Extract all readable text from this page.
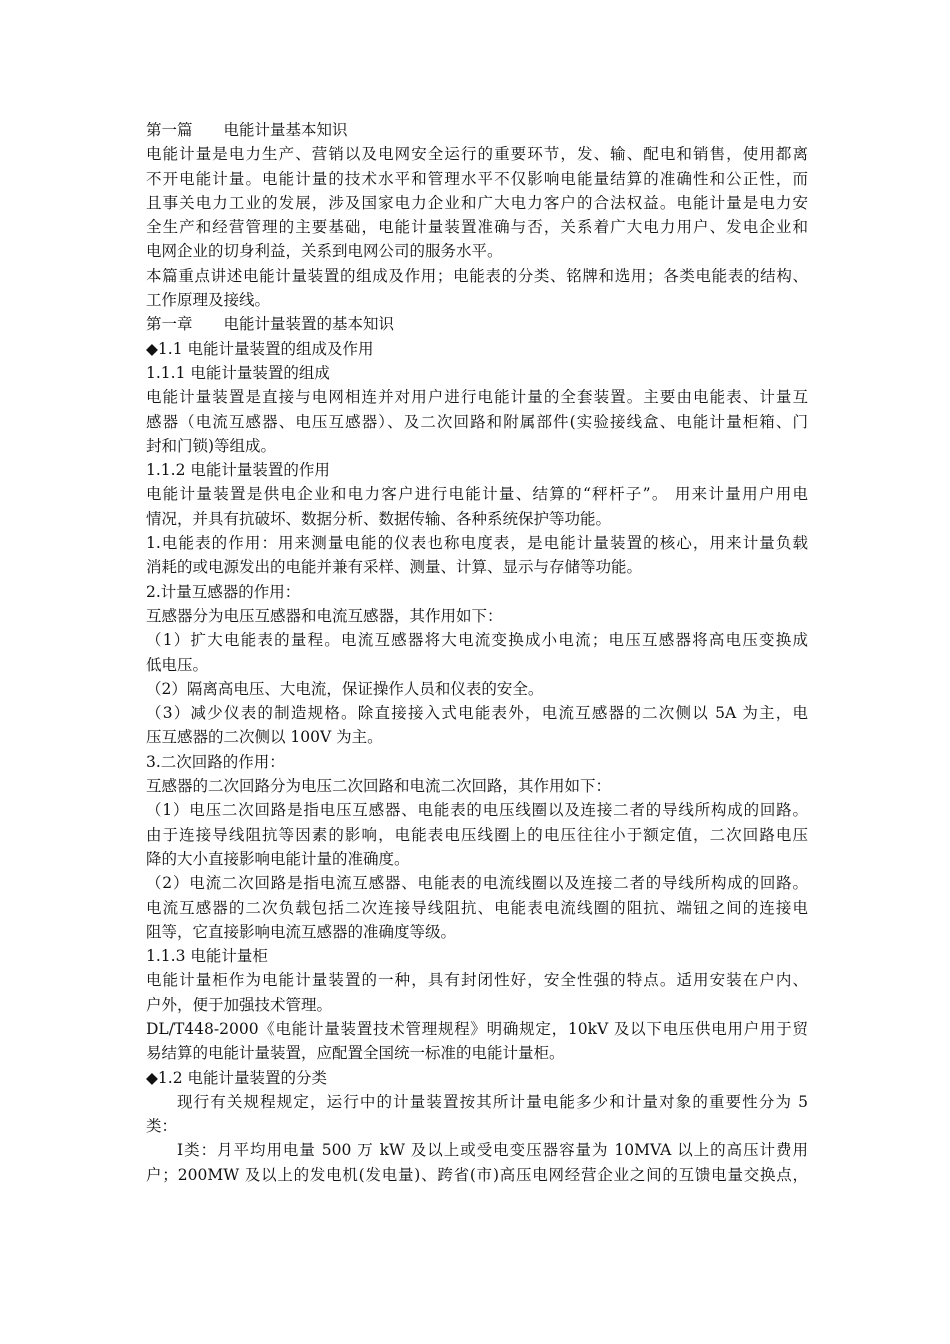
第一篇　　电能计量基本知识
电能计量是电力生产、营销以及电网安全运行的重要环节，发、输、配电和销售，使用都离
不开电能计量。电能计量的技术水平和管理水平不仅影响电能量结算的准确性和公正性，而
且事关电力工业的发展，涉及国家电力企业和广大电力客户的合法权益。电能计量是电力安
全生产和经营管理的主要基础，电能计量装置准确与否，关系着广大电力用户、发电企业和
电网企业的切身利益，关系到电网公司的服务水平。
本篇重点讲述电能计量装置的组成及作用；电能表的分类、铭牌和选用；各类电能表的结构、
工作原理及接线。
第一章　　电能计量装置的基本知识
◆1.1 电能计量装置的组成及作用
1.1.1 电能计量装置的组成
电能计量装置是直接与电网相连并对用户进行电能计量的全套装置。主要由电能表、计量互
感器（电流互感器、电压互感器）、及二次回路和附属部件(实验接线盒、电能计量柜箱、门
封和门锁)等组成。
1.1.2 电能计量装置的作用
电能计量装置是供电企业和电力客户进行电能计量、结算的“秤杆子”。 用来计量用户用电
情况，并具有抗破坏、数据分析、数据传输、各种系统保护等功能。
1.电能表的作用：用来测量电能的仪表也称电度表，是电能计量装置的核心，用来计量负载
消耗的或电源发出的电能并兼有采样、测量、计算、显示与存储等功能。
2.计量互感器的作用：
互感器分为电压互感器和电流互感器，其作用如下：
（1）扩大电能表的量程。电流互感器将大电流变换成小电流；电压互感器将高电压变换成
低电压。
（2）隔离高电压、大电流，保证操作人员和仪表的安全。
（3）减少仪表的制造规格。除直接接入式电能表外，电流互感器的二次侧以 5A 为主，电
压互感器的二次侧以 100V 为主。
3.二次回路的作用：
互感器的二次回路分为电压二次回路和电流二次回路，其作用如下：
（1）电压二次回路是指电压互感器、电能表的电压线圈以及连接二者的导线所构成的回路。
由于连接导线阻抗等因素的影响，电能表电压线圈上的电压往往小于额定值，二次回路电压
降的大小直接影响电能计量的准确度。
（2）电流二次回路是指电流互感器、电能表的电流线圈以及连接二者的导线所构成的回路。
电流互感器的二次负载包括二次连接导线阻抗、电能表电流线圈的阻抗、端钮之间的连接电
阻等，它直接影响电流互感器的准确度等级。
1.1.3 电能计量柜
电能计量柜作为电能计量装置的一种，具有封闭性好，安全性强的特点。适用安装在户内、
户外，便于加强技术管理。
DL/T448-2000《电能计量装置技术管理规程》明确规定，10kV 及以下电压供电用户用于贸
易结算的电能计量装置，应配置全国统一标准的电能计量柜。
◆1.2 电能计量装置的分类
现行有关规程规定，运行中的计量装置按其所计量电能多少和计量对象的重要性分为 5
类：
Ⅰ类：月平均用电量 500 万 kW 及以上或受电变压器容量为 10MVA 以上的高压计费用
户；200MW 及以上的发电机(发电量)、跨省(市)高压电网经营企业之间的互馈电量交换点，
